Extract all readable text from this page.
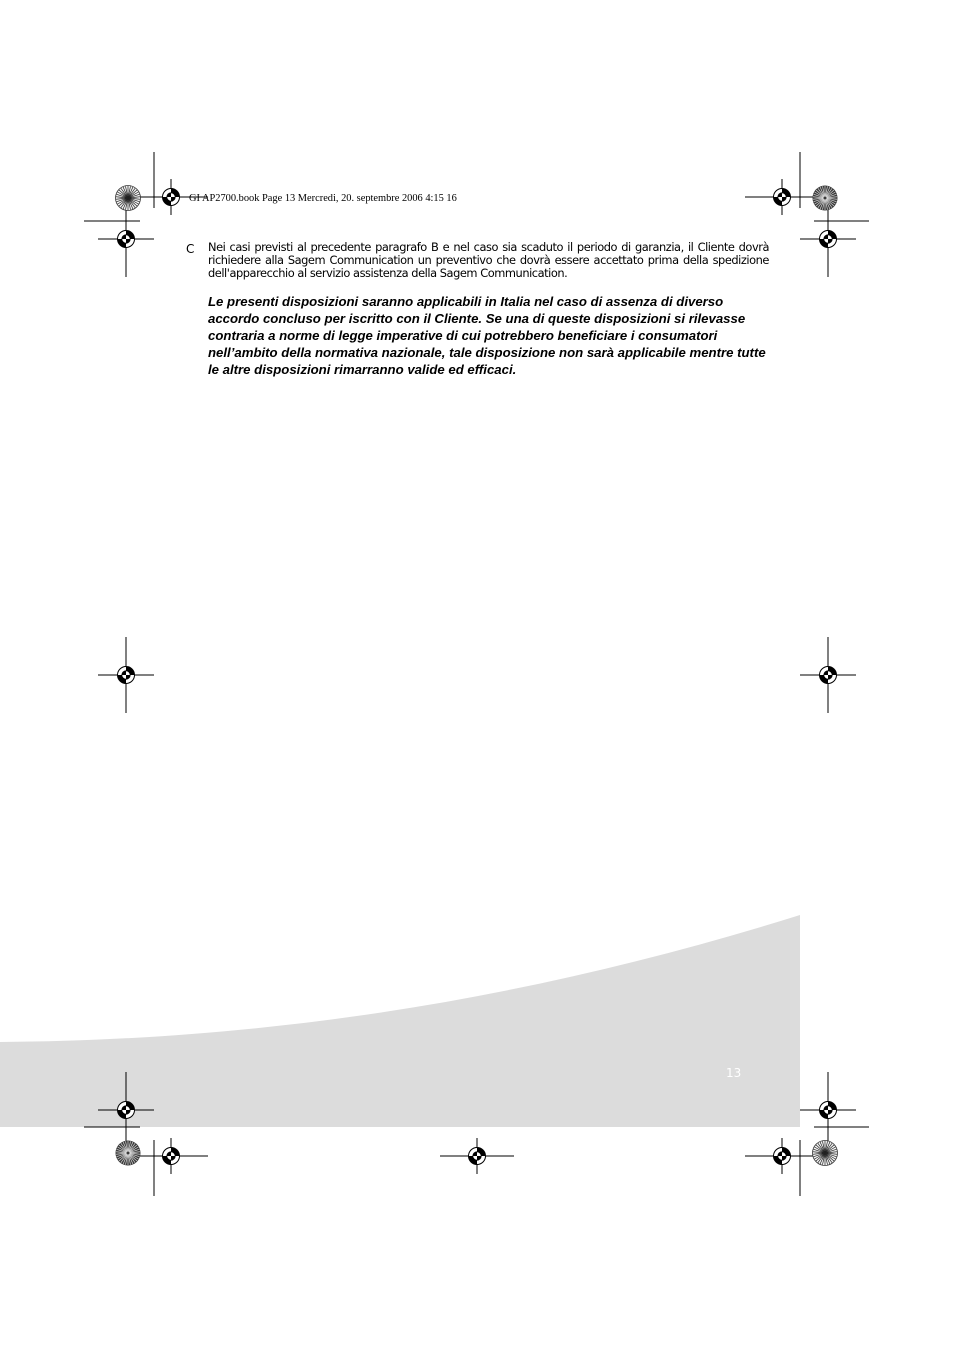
GI AP2700.book Page 13 Mercredi, 20. septembre 2006 4:15 16
C Nei casi previsti al precedente paragrafo B e nel caso sia scaduto il periodo di garanzia, il Cliente dovrà richiedere alla Sagem Communication un preventivo che dovrà essere accettato prima della spedizione dell'apparecchio al servizio assistenza della Sagem Communication.
Le presenti disposizioni saranno applicabili in Italia nel caso di assenza di diverso accordo concluso per iscritto con il Cliente. Se una di queste disposizioni si rilevasse contraria a norme di legge imperative di cui potrebbero beneficiare i consumatori nell’ambito della normativa nazionale, tale disposizione non sarà applicabile mentre tutte le altre disposizioni rimarranno valide ed efficaci.
13
